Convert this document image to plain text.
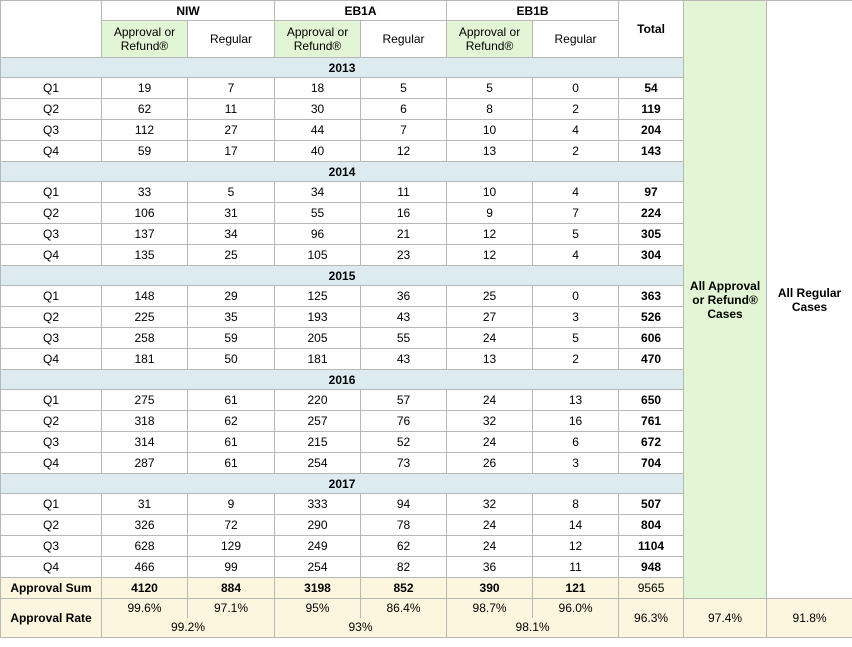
	NIW		EB1A		EB1B		Total	All Approval or Refund® Cases	All Regular Cases	
	Approval or Refund®	Regular	Approval or Refund®	Regular	Approval or Refund®	Regular				
2013										
Q1	19	7	18	5	5	0	54			
Q2	62	11	30	6	8	2	119			
Q3	112	27	44	7	10	4	204			
Q4	59	17	40	12	13	2	143			
2014										
Q1	33	5	34	11	10	4	97			
Q2	106	31	55	16	9	7	224			
Q3	137	34	96	21	12	5	305			
Q4	135	25	105	23	12	4	304			
2015										
Q1	148	29	125	36	25	0	363			
Q2	225	35	193	43	27	3	526			
Q3	258	59	205	55	24	5	606			
Q4	181	50	181	43	13	2	470			
2016										
Q1	275	61	220	57	24	13	650			
Q2	318	62	257	76	32	16	761			
Q3	314	61	215	52	24	6	672			
Q4	287	61	254	73	26	3	704			
2017										
Q1	31	9	333	94	32	8	507			
Q2	326	72	290	78	24	14	804			
Q3	628	129	249	62	24	12	1104			
Q4	466	99	254	82	36	11	948			
Approval Sum	4120	884	3198	852	390	121	9565		
Approval Rate	99.6%	97.1%	95%	86.4%	98.7%	96.0%	96.3%	97.4%	91.8%	
	99.2%		93%		98.1%					
